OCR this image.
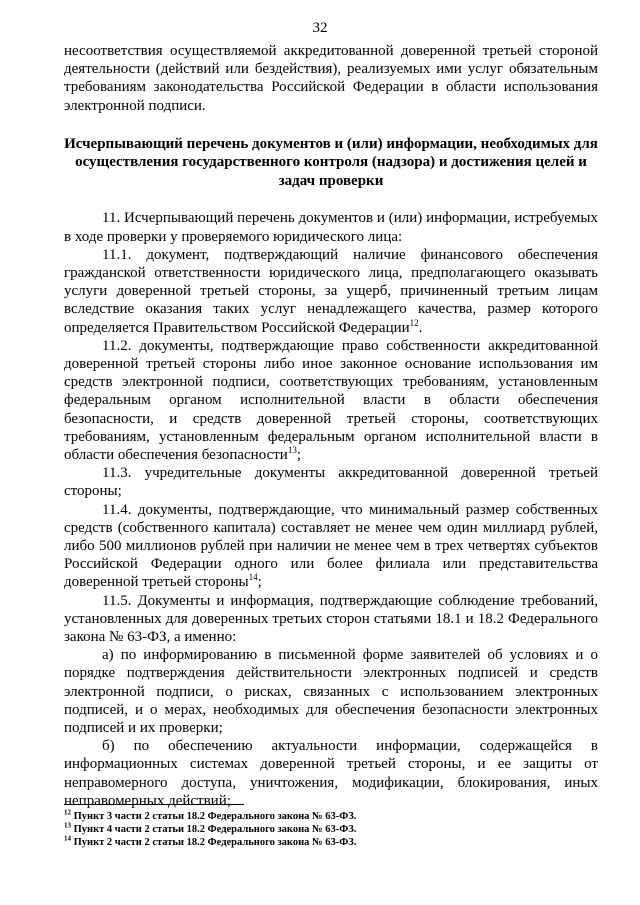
32

несоответствия осуществляемой аккредитованной доверенной третьей стороной деятельности (действий или бездействия), реализуемых ими услуг обязательным требованиям законодательства Российской Федерации в области использования электронной подписи.

Исчерпывающий перечень документов и (или) информации, необходимых для осуществления государственного контроля (надзора) и достижения целей и задач проверки

11. Исчерпывающий перечень документов и (или) информации, истребуемых в ходе проверки у проверяемого юридического лица:

11.1. документ, подтверждающий наличие финансового обеспечения гражданской ответственности юридического лица, предполагающего оказывать услуги доверенной третьей стороны, за ущерб, причиненный третьим лицам вследствие оказания таких услуг ненадлежащего качества, размер которого определяется Правительством Российской Федерации$^{12}$.

11.2. документы, подтверждающие право собственности аккредитованной доверенной третьей стороны либо иное законное основание использования им средств электронной подписи, соответствующих требованиям, установленным федеральным органом исполнительной власти в области обеспечения безопасности, и средств доверенной третьей стороны, соответствующих требованиям, установленным федеральным органом исполнительной власти в области обеспечения безопасности$^{13}$;

11.3. учредительные документы аккредитованной доверенной третьей стороны;

11.4. документы, подтверждающие, что минимальный размер собственных средств (собственного капитала) составляет не менее чем один миллиард рублей, либо 500 миллионов рублей при наличии не менее чем в трех четвертях субъектов Российской Федерации одного или более филиала или представительства доверенной третьей стороны$^{14}$;

11.5. Документы и информация, подтверждающие соблюдение требований, установленных для доверенных третьих сторон статьями 18.1 и 18.2 Федерального закона № 63-ФЗ, а именно:

а) по информированию в письменной форме заявителей об условиях и о порядке подтверждения действительности электронных подписей и средств электронной подписи, о рисках, связанных с использованием электронных подписей, и о мерах, необходимых для обеспечения безопасности электронных подписей и их проверки;

б) по обеспечению актуальности информации, содержащейся в информационных системах доверенной третьей стороны, и ее защиты от неправомерного доступа, уничтожения, модификации, блокирования, иных неправомерных действий;

$^{12}$ Пункт 3 части 2 статьи 18.2 Федерального закона № 63-ФЗ.
$^{13}$ Пункт 4 части 2 статьи 18.2 Федерального закона № 63-ФЗ.
$^{14}$ Пункт 2 части 2 статьи 18.2 Федерального закона № 63-ФЗ.
